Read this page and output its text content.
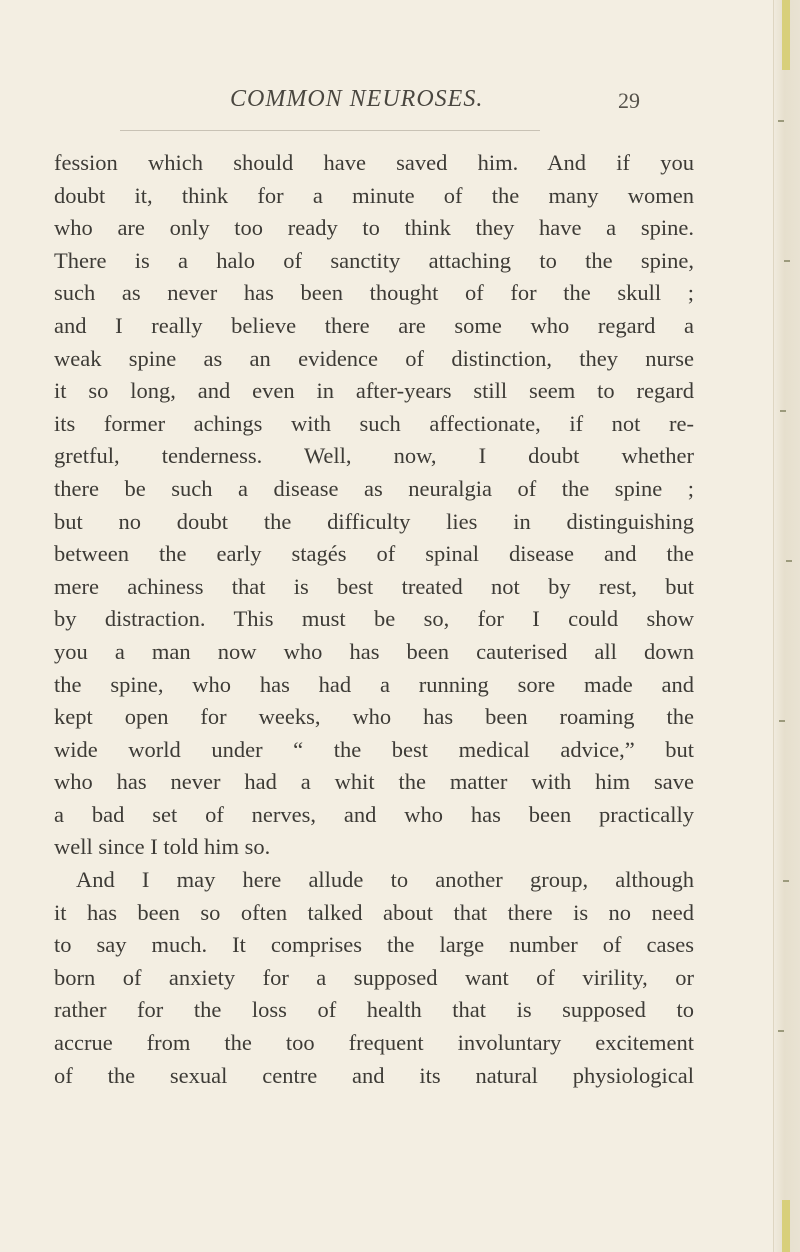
COMMON NEUROSES.	29
fession which should have saved him. And if you
doubt it, think for a minute of the many women
who are only too ready to think they have a spine.
There is a halo of sanctity attaching to the spine,
such as never has been thought of for the skull ;
and I really believe there are some who regard a
weak spine as an evidence of distinction, they nurse
it so long, and even in after-years still seem to regard
its former achings with such affectionate, if not re-
gretful, tenderness. Well, now, I doubt whether
there be such a disease as neuralgia of the spine ;
but no doubt the difficulty lies in distinguishing
between the early stagés of spinal disease and the
mere achiness that is best treated not by rest, but
by distraction. This must be so, for I could show
you a man now who has been cauterised all down
the spine, who has had a running sore made and
kept open for weeks, who has been roaming the
wide world under “ the best medical advice,” but
who has never had a whit the matter with him save
a bad set of nerves, and who has been practically
well since I told him so.
And I may here allude to another group, although
it has been so often talked about that there is no need
to say much. It comprises the large number of cases
born of anxiety for a supposed want of virility, or
rather for the loss of health that is supposed to
accrue from the too frequent involuntary excitement
of the sexual centre and its natural physiological
